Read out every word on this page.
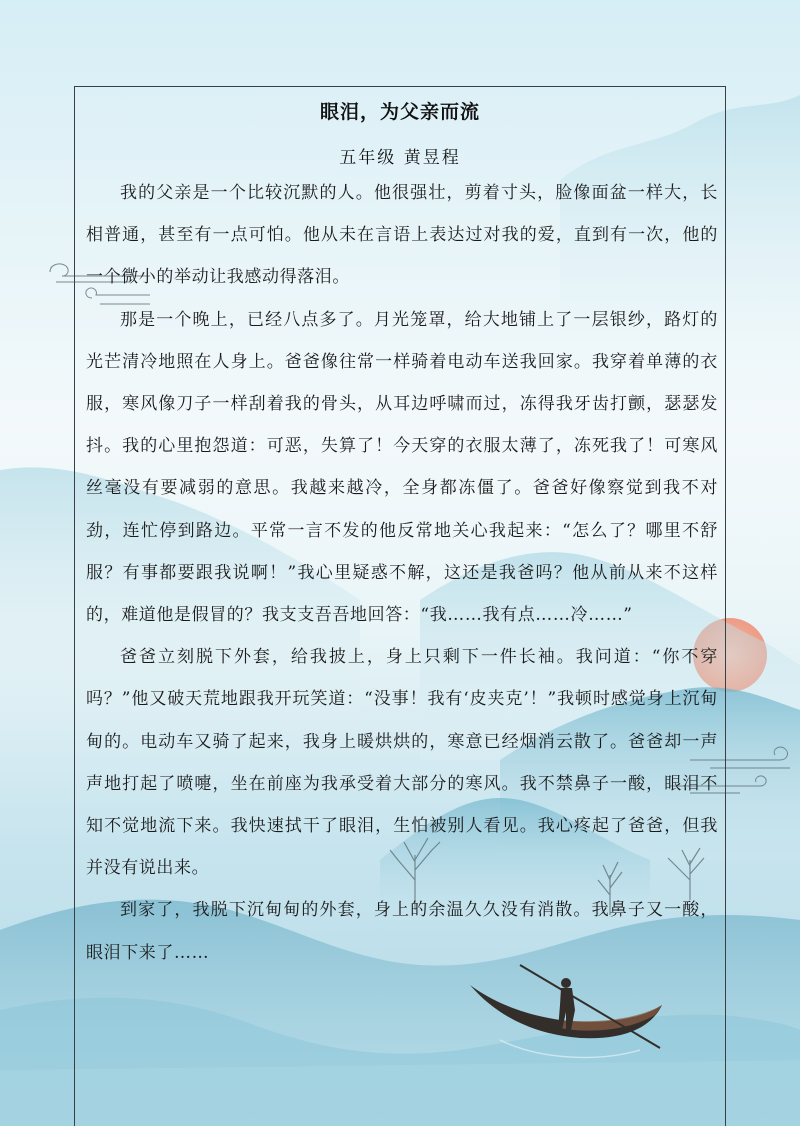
眼泪，为父亲而流
五年级 黄昱程

我的父亲是一个比较沉默的人。他很强壮，剪着寸头，脸像面盆一样大，长相普通，甚至有一点可怕。他从未在言语上表达过对我的爱，直到有一次，他的一个微小的举动让我感动得落泪。

那是一个晚上，已经八点多了。月光笼罩，给大地铺上了一层银纱，路灯的光芒清冷地照在人身上。爸爸像往常一样骑着电动车送我回家。我穿着单薄的衣服，寒风像刀子一样刮着我的骨头，从耳边呼啸而过，冻得我牙齿打颤，瑟瑟发抖。我的心里抱怨道：可恶，失算了！今天穿的衣服太薄了，冻死我了！可寒风丝毫没有要减弱的意思。我越来越冷，全身都冻僵了。爸爸好像察觉到我不对劲，连忙停到路边。平常一言不发的他反常地关心我起来：“怎么了？哪里不舒服？有事都要跟我说啊！”我心里疑惑不解，这还是我爸吗？他从前从来不这样的，难道他是假冒的？我支支吾吾地回答：“我……我有点……冷……”

爸爸立刻脱下外套，给我披上，身上只剩下一件长袖。我问道：“你不穿吗？”他又破天荒地跟我开玩笑道：“没事！我有‘皮夹克’！”我顿时感觉身上沉甸甸的。电动车又骑了起来，我身上暖烘烘的，寒意已经烟消云散了。爸爸却一声声地打起了喷嚏，坐在前座为我承受着大部分的寒风。我不禁鼻子一酸，眼泪不知不觉地流下来。我快速拭干了眼泪，生怕被别人看见。我心疼起了爸爸，但我并没有说出来。

到家了，我脱下沉甸甸的外套，身上的余温久久没有消散。我鼻子又一酸，眼泪下来了……
